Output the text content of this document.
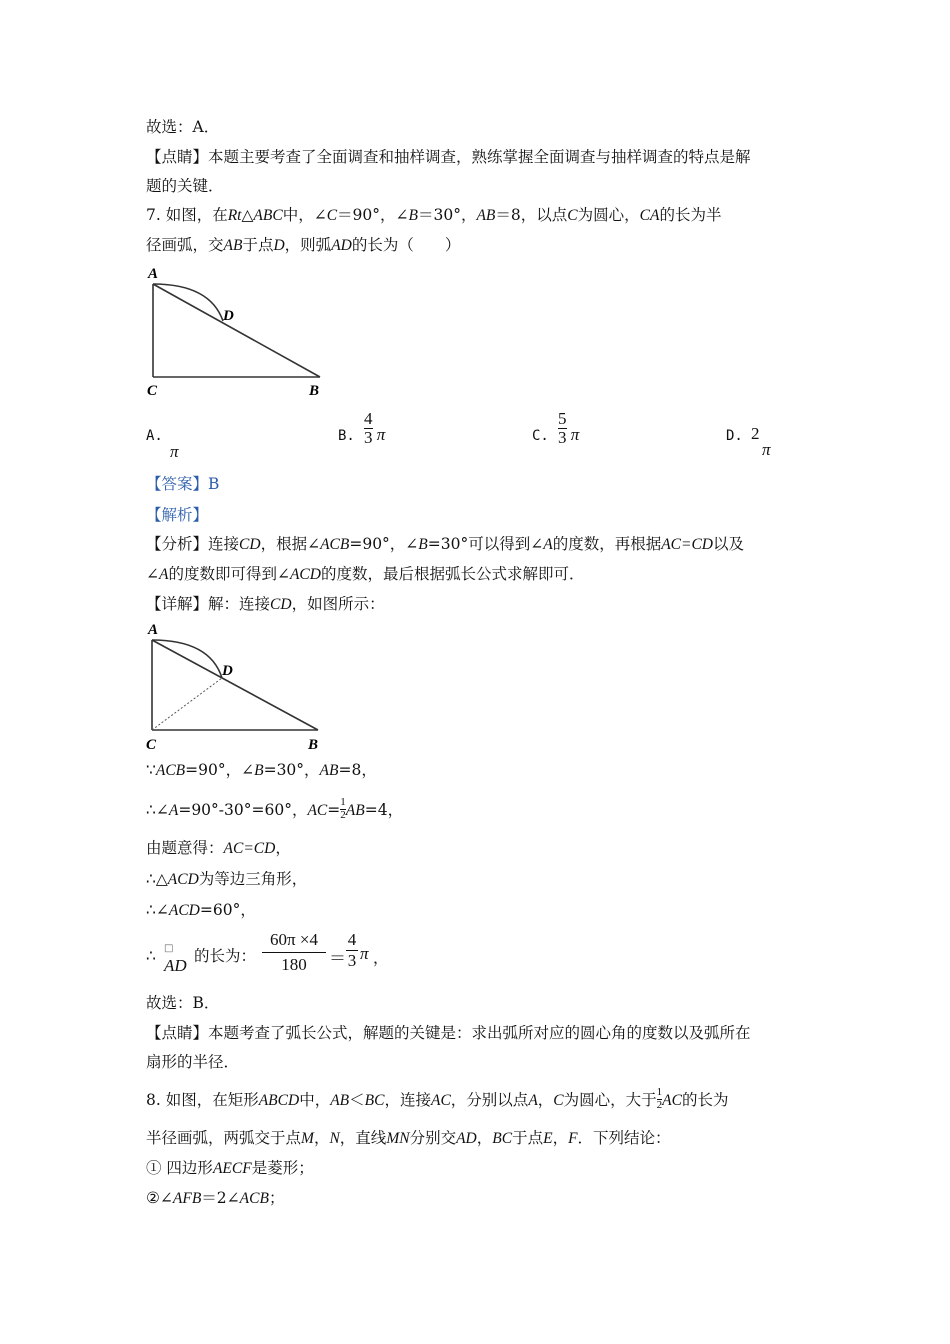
故选：A．
【点睛】本题主要考查了全面调查和抽样调查，熟练掌握全面调查与抽样调查的特点是解
题的关键．
7. 如图，在Rt△ABC中，∠C＝90°，∠B＝30°，AB＝8，以点C为圆心，CA的长为半
径画弧，交AB于点D，则弧AD的长为（　　）
A
D
C	B
A.
π
B. $\frac{4}{3}$ π	C. $\frac{5}{3}$ π	D. 2
π
【答案】B
【解析】
【分析】连接CD，根据∠ACB=90°，∠B=30°可以得到∠A的度数，再根据AC=CD以及
∠A的度数即可得到∠ACD的度数，最后根据弧长公式求解即可．
【详解】解：连接CD，如图所示：
A
D
C	B
∵ACB=90°，∠B=30°，AB=8，
∴∠A=90°-30°=60°，$AC= \frac{1}{2} AB=4$，
由题意得：AC=CD，
∴△ACD为等边三角形，
∴∠ACD=60°，
∴ □
AD 的长为：
60π ×4
180	＝
4
3 π ，
故选：B．
【点睛】本题考查了弧长公式，解题的关键是：求出弧所对应的圆心角的度数以及弧所在
扇形的半径．
8. 如图，在矩形ABCD中，AB＜BC，连接AC，分别以点A，C为圆心，大于 $\frac{1}{2}$ AC的长为
半径画弧，两弧交于点M，N，直线MN分别交AD，BC于点E，F．下列结论：
① 四边形AECF是菱形；
②∠AFB＝2∠ACB；
